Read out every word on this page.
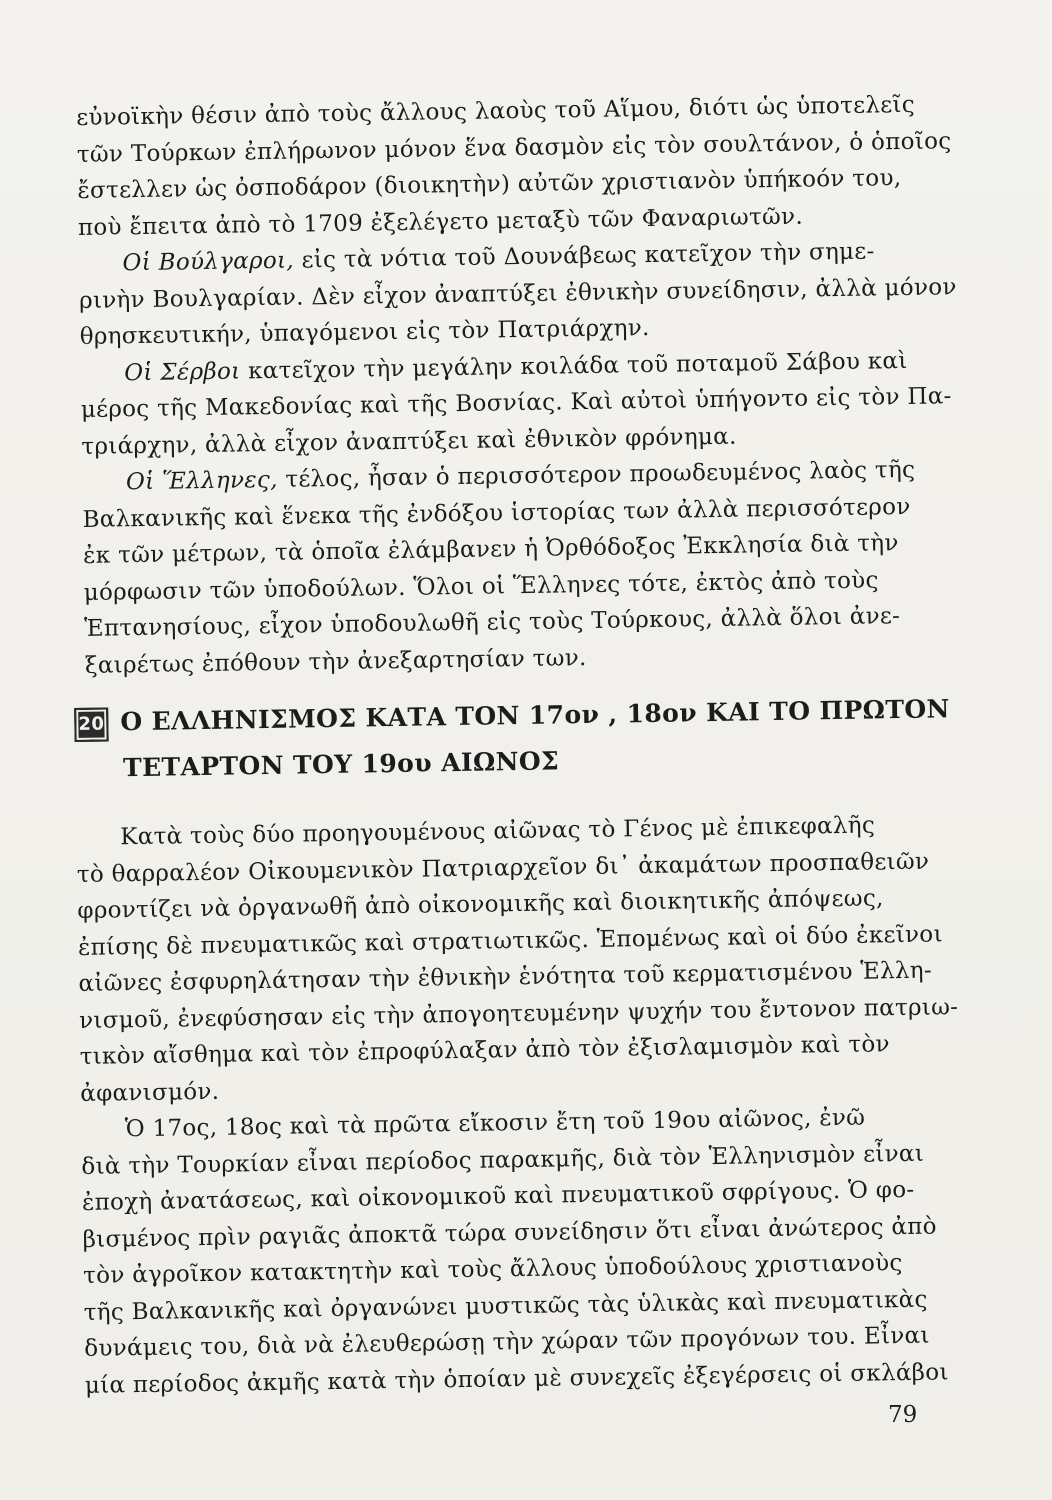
εὐνοϊκὴν θέσιν ἀπὸ τοὺς ἄλλους λαοὺς τοῦ Αἵμου, διότι ὡς ὑποτελεῖς
τῶν Τούρκων ἐπλήρωνον μόνον ἕνα δασμὸν εἰς τὸν σουλτάνον, ὁ ὁποῖος
ἔστελλεν ὡς ὀσποδάρον (διοικητὴν) αὐτῶν χριστιανὸν ὑπήκοόν του,
ποὺ ἔπειτα ἀπὸ τὸ 1709 ἐξελέγετο μεταξὺ τῶν Φαναριωτῶν.
Οἱ Βούλγαροι, εἰς τὰ νότια τοῦ Δουνάβεως κατεῖχον τὴν σημε-
ρινὴν Βουλγαρίαν. Δὲν εἶχον ἀναπτύξει ἐθνικὴν συνείδησιν, ἀλλὰ μόνον
θρησκευτικήν, ὑπαγόμενοι εἰς τὸν Πατριάρχην.
Οἱ Σέρβοι κατεῖχον τὴν μεγάλην κοιλάδα τοῦ ποταμοῦ Σάβου καὶ
μέρος τῆς Μακεδονίας καὶ τῆς Βοσνίας. Καὶ αὐτοὶ ὑπήγοντο εἰς τὸν Πα-
τριάρχην, ἀλλὰ εἶχον ἀναπτύξει καὶ ἐθνικὸν φρόνημα.
Οἱ Ἕλληνες, τέλος, ἦσαν ὁ περισσότερον προωδευμένος λαὸς τῆς
Βαλκανικῆς καὶ ἕνεκα τῆς ἐνδόξου ἱστορίας των ἀλλὰ περισσότερον
ἐκ τῶν μέτρων, τὰ ὁποῖα ἐλάμβανεν ἡ Ὀρθόδοξος Ἐκκλησία διὰ τὴν
μόρφωσιν τῶν ὑποδούλων. Ὅλοι οἱ Ἕλληνες τότε, ἐκτὸς ἀπὸ τοὺς
Ἑπτανησίους, εἶχον ὑποδουλωθῆ εἰς τοὺς Τούρκους, ἀλλὰ ὅλοι ἀνε-
ξαιρέτως ἐπόθουν τὴν ἀνεξαρτησίαν των.
20 Ο ΕΛΛΗΝΙΣΜΟΣ ΚΑΤΑ ΤΟΝ 17ον , 18ον ΚΑΙ ΤΟ ΠΡΩΤΟΝ
ΤΕΤΑΡΤΟΝ ΤΟΥ 19ου ΑΙΩΝΟΣ
Κατὰ τοὺς δύο προηγουμένους αἰῶνας τὸ Γένος μὲ ἐπικεφαλῆς
τὸ θαρραλέον Οἰκουμενικὸν Πατριαρχεῖον δι᾽ ἀκαμάτων προσπαθειῶν
φροντίζει νὰ ὀργανωθῆ ἀπὸ οἰκονομικῆς καὶ διοικητικῆς ἀπόψεως,
ἐπίσης δὲ πνευματικῶς καὶ στρατιωτικῶς. Ἑπομένως καὶ οἱ δύο ἐκεῖνοι
αἰῶνες ἐσφυρηλάτησαν τὴν ἐθνικὴν ἑνότητα τοῦ κερματισμένου Ἑλλη-
νισμοῦ, ἐνεφύσησαν εἰς τὴν ἀπογοητευμένην ψυχήν του ἔντονον πατριω-
τικὸν αἴσθημα καὶ τὸν ἐπροφύλαξαν ἀπὸ τὸν ἐξισλαμισμὸν καὶ τὸν
ἀφανισμόν.
Ὁ 17ος, 18ος καὶ τὰ πρῶτα εἴκοσιν ἔτη τοῦ 19ου αἰῶνος, ἐνῶ
διὰ τὴν Τουρκίαν εἶναι περίοδος παρακμῆς, διὰ τὸν Ἑλληνισμὸν εἶναι
ἐποχὴ ἀνατάσεως, καὶ οἰκονομικοῦ καὶ πνευματικοῦ σφρίγους. Ὁ φο-
βισμένος πρὶν ραγιᾶς ἀποκτᾶ τώρα συνείδησιν ὅτι εἶναι ἀνώτερος ἀπὸ
τὸν ἀγροῖκον κατακτητὴν καὶ τοὺς ἄλλους ὑποδούλους χριστιανοὺς
τῆς Βαλκανικῆς καὶ ὀργανώνει μυστικῶς τὰς ὑλικὰς καὶ πνευματικὰς
δυνάμεις του, διὰ νὰ ἐλευθερώσῃ τὴν χώραν τῶν προγόνων του. Εἶναι
μία περίοδος ἀκμῆς κατὰ τὴν ὁποίαν μὲ συνεχεῖς ἐξεγέρσεις οἱ σκλάβοι
79
